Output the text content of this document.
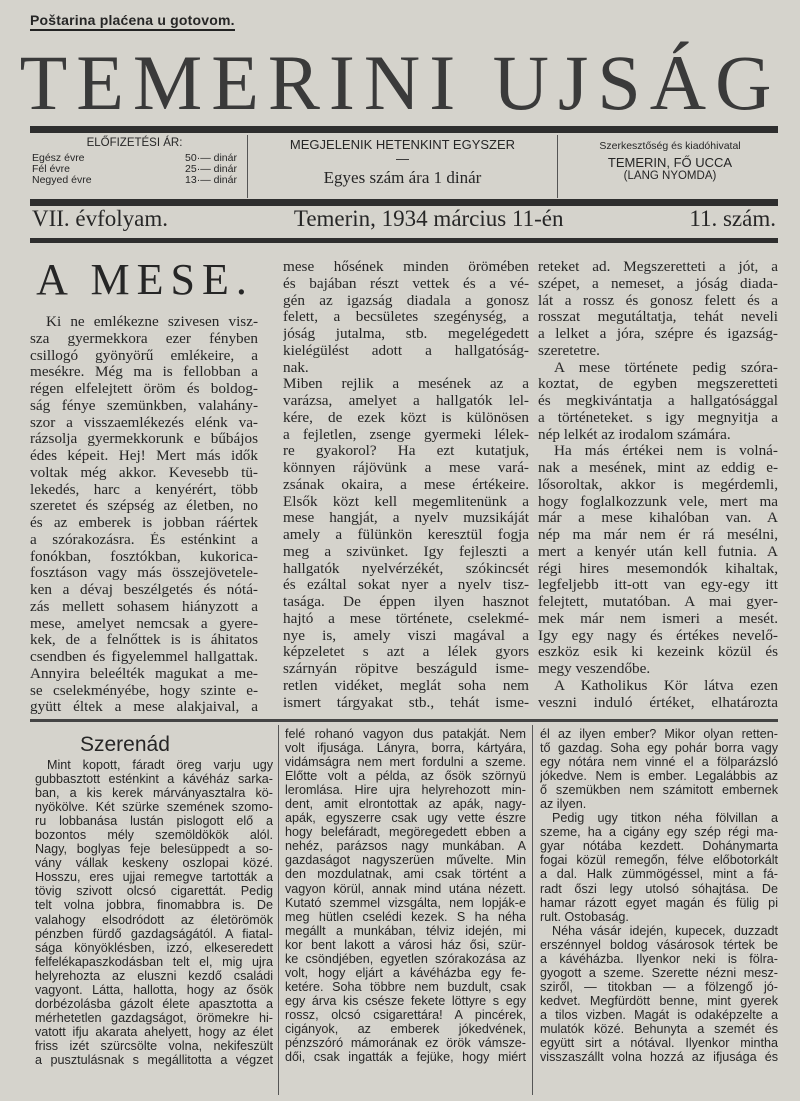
Poštarina plaćena u gotovom.
TEMERINI UJSÁG
ELŐFIZETÉSI ÁR:
Egész évre	50·— dinár
Fél évre	25·— dinár
Negyed évre	13·— dinár
MEGJELENIK HETENKINT EGYSZER
—
Egyes szám ára 1 dinár
Szerkesztőség és kiadóhivatal
TEMERIN, FŐ UCCA
(LANG NYOMDA)
VII. évfolyam.	Temerin, 1934 március 11-én	11. szám.
A MESE.
Ki ne emlékezne szivesen visz-
sza gyermekkora ezer fényben
csillogó gyönyörű emlékeire, a
mesékre. Még ma is fellobban a
régen elfelejtett öröm és boldog-
ság fénye szemünkben, valahány-
szor a visszaemlékezés elénk va-
rázsolja gyermekkorunk e bűbájos
édes képeit. Hej! Mert más idők
voltak még akkor. Kevesebb tü-
lekedés, harc a kenyérért, több
szeretet és szépség az életben, no
és az emberek is jobban ráértek
a szórakozásra. És esténkint a
fonókban, fosztókban, kukorica-
fosztáson vagy más összejövetele-
ken a dévaj beszélgetés és nótá-
zás mellett sohasem hiányzott a
mese, amelyet nemcsak a gyere-
kek, de a felnőttek is is áhitatos
csendben és figyelemmel hallgattak.
Annyira beleélték magukat a me-
se cselekményébe, hogy szinte e-
gyütt éltek a mese alakjaival, a
mese hősének minden örömében
és bajában részt vettek és a vé-
gén az igazság diadala a gonosz
felett, a becsületes szegénység, a
jóság jutalma, stb. megelégedett
kielégülést adott a hallgatóság-
nak.
Miben rejlik a mesének az a
varázsa, amelyet a hallgatók lel-
kére, de ezek közt is különösen
a fejletlen, zsenge gyermeki lélek-
re gyakorol? Ha ezt kutatjuk,
könnyen rájövünk a mese vará-
zsának okaira, a mese értékeire.
Elsők közt kell megemlitenünk a
mese hangját, a nyelv muzsikáját
amely a fülünkön keresztül fogja
meg a szivünket. Igy fejleszti a
hallgatók nyelvérzékét, szókincsét
és ezáltal sokat nyer a nyelv tisz-
tasága. De éppen ilyen hasznot
hajtó a mese története, cselekmé-
nye is, amely viszi magával a
képzeletet s azt a lélek gyors
szárnyán röpitve beszáguld isme-
retlen vidéket, meglát soha nem
ismert tárgyakat stb., tehát isme-
reteket ad. Megszeretteti a jót, a
szépet, a nemeset, a jóság diada-
lát a rossz és gonosz felett és a
rosszat megutáltatja, tehát neveli
a lelket a jóra, szépre és igazság-
szeretetre.
A mese története pedig szóra-
koztat, de egyben megszeretteti
és megkivántatja a hallgatósággal
a történeteket. s igy megnyitja a
nép lelkét az irodalom számára.
Ha más értékei nem is volná-
nak a mesének, mint az eddig e-
lősoroltak, akkor is megérdemli,
hogy foglalkozzunk vele, mert ma
már a mese kihalóban van. A
nép ma már nem ér rá mesélni,
mert a kenyér után kell futnia. A
régi hires mesemondók kihaltak,
legfeljebb itt-ott van egy-egy itt
felejtett, mutatóban. A mai gyer-
mek már nem ismeri a mesét.
Igy egy nagy és értékes nevelő-
eszköz esik ki kezeink közül és
megy veszendőbe.
A Katholikus Kör látva ezen
veszni induló értéket, elhatározta
Szerenád
Mint kopott, fáradt öreg varju ugy
gubbasztott esténkint a kávéház sarka-
ban, a kis kerek márványasztalra kö-
nyökölve. Két szürke szemének szomo-
ru lobbanása lustán pislogott elő a
bozontos mély szemöldökök alól.
Nagy, boglyas feje belesüppedt a so-
vány vállak keskeny oszlopai közé.
Hosszu, eres ujjai remegve tartották a
tövig szivott olcsó cigarettát. Pedig
telt volna jobbra, finomabbra is. De
valahogy elsodródott az életörömök
pénzben fürdő gazdagságától. A fiatal-
sága könyöklésben, izzó, elkeseredett
felfelékapaszkodásban telt el, mig ujra
helyrehozta az eluszni kezdő családi
vagyont. Látta, hallotta, hogy az ősök
dorbézolásba gázolt élete apasztotta a
mérhetetlen gazdagságot, örömekre hi-
vatott ifju akarata ahelyett, hogy az élet
friss izét szürcsölte volna, nekifeszült
a pusztulásnak s megállitotta a végzet
felé rohanó vagyon dus patakját. Nem
volt ifjusága. Lányra, borra, kártyára,
vidámságra nem mert fordulni a szeme.
Előtte volt a példa, az ősök szörnyü
leromlása. Hire ujra helyrehozott min-
dent, amit elrontottak az apák, nagy-
apák, egyszerre csak ugy vette észre
hogy belefáradt, megöregedett ebben a
nehéz, parázsos nagy munkában. A
gazdaságot nagyszerüen művelte. Min
den mozdulatnak, ami csak történt a
vagyon körül, annak mind utána nézett.
Kutató szemmel vizsgálta, nem lopják-e
meg hütlen cselédi kezek. S ha néha
megállt a munkában, télviz idején, mi
kor bent lakott a városi ház ősi, szür-
ke csöndjében, egyetlen szórakozása az
volt, hogy eljárt a kávéházba egy fe-
ketére. Soha többre nem buzdult, csak
egy árva kis csésze fekete löttyre s egy
rossz, olcsó csigarettára! A pincérek,
cigányok, az emberek jókedvének,
pénzszóró mámorának ez örök vámsze-
dői, csak ingatták a fejüke, hogy miért
él az ilyen ember? Mikor olyan retten-
tő gazdag. Soha egy pohár borra vagy
egy nótára nem vinné el a fölparázsló
jókedve. Nem is ember. Legalábbis az
ő szemükben nem számitott embernek
az ilyen.
Pedig ugy titkon néha fölvillan a
szeme, ha a cigány egy szép régi ma-
gyar nótába kezdett. Dohánymarta
fogai közül remegőn, félve előbotorkált
a dal. Halk zümmögéssel, mint a fá-
radt őszi legy utolsó sóhajtása. De
hamar rázott egyet magán és fülig pi
rult. Ostobaság.
Néha vásár idején, kupecek, duzzadt
erszénnyel boldog vásárosok tértek be
a kávéházba. Ilyenkor neki is fölra-
gyogott a szeme. Szerette nézni mesz-
sziről, — titokban — a fölzengő jó-
kedvet. Megfürdött benne, mint gyerek
a tilos vizben. Magát is odaképzelte a
mulatók közé. Behunyta a szemét és
együtt sirt a nótával. Ilyenkor mintha
visszaszállt volna hozzá az ifjusága és
